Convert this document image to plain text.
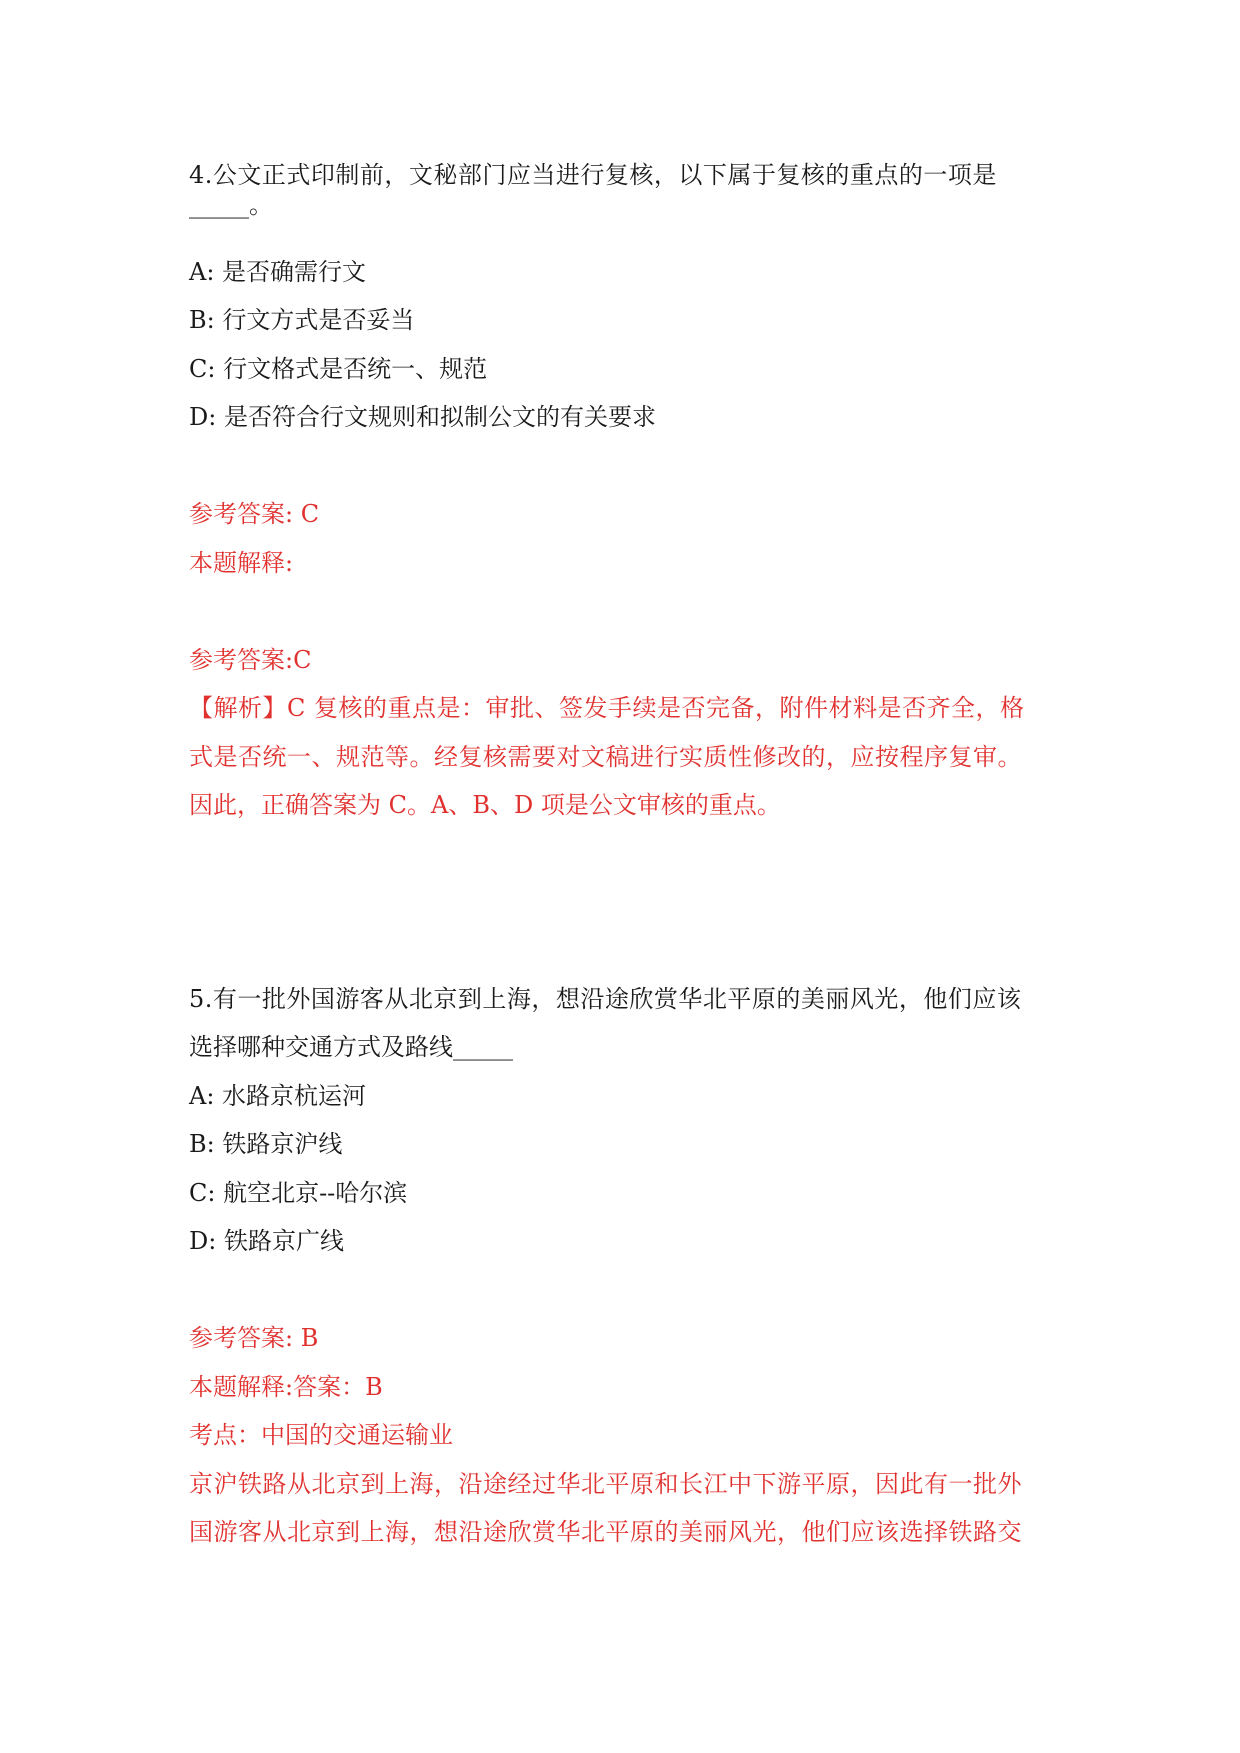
4.公文正式印制前，文秘部门应当进行复核，以下属于复核的重点的一项是
_____。
A: 是否确需行文
B: 行文方式是否妥当
C: 行文格式是否统一、规范
D: 是否符合行文规则和拟制公文的有关要求
参考答案: C
本题解释:
参考答案:C
【解析】C 复核的重点是：审批、签发手续是否完备，附件材料是否齐全，格
式是否统一、规范等。经复核需要对文稿进行实质性修改的，应按程序复审。
因此，正确答案为 C。A、B、D 项是公文审核的重点。
5.有一批外国游客从北京到上海，想沿途欣赏华北平原的美丽风光，他们应该
选择哪种交通方式及路线_____
A: 水路京杭运河
B: 铁路京沪线
C: 航空北京--哈尔滨
D: 铁路京广线
参考答案: B
本题解释:答案：B
考点：中国的交通运输业
京沪铁路从北京到上海，沿途经过华北平原和长江中下游平原，因此有一批外
国游客从北京到上海，想沿途欣赏华北平原的美丽风光，他们应该选择铁路交
